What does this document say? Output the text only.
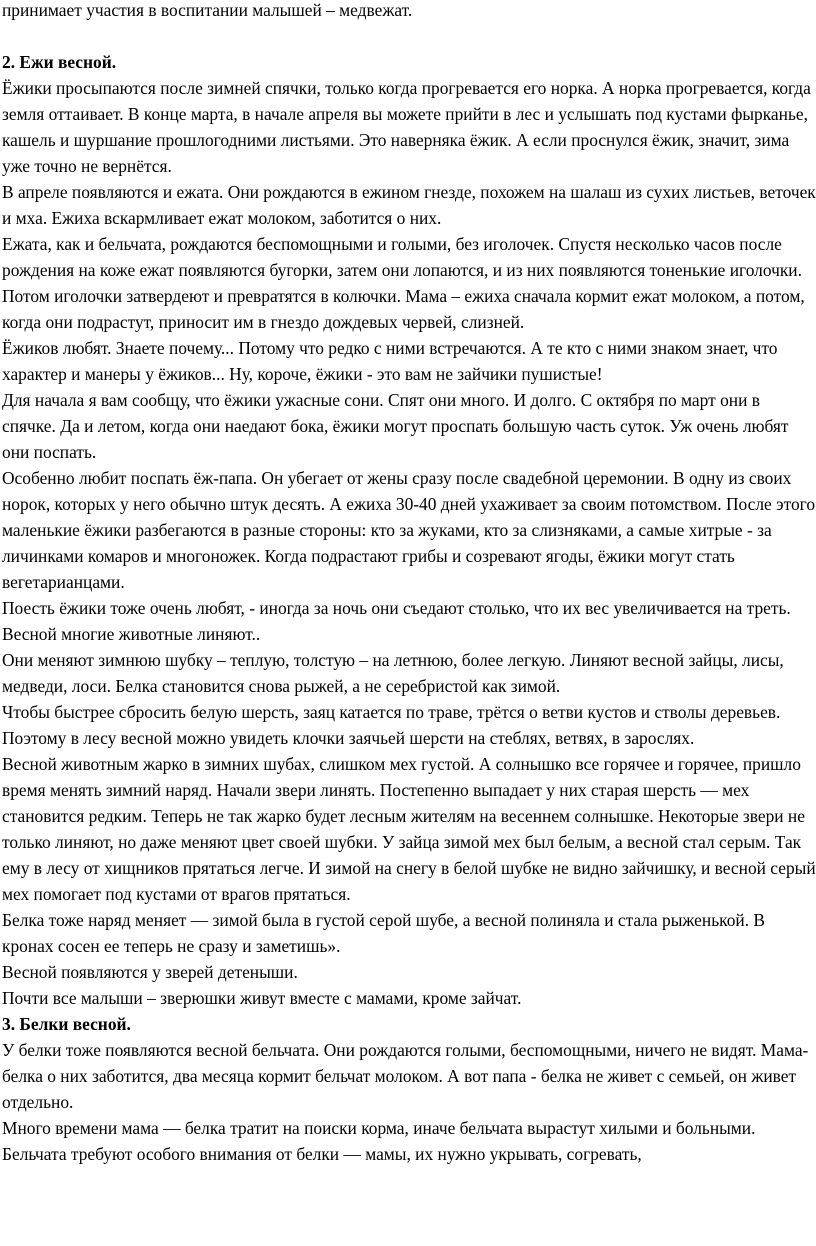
принимает участия в воспитании малышей – медвежат.

2. Ежи весной.

Ёжики просыпаются после зимней спячки, только когда прогревается его норка. А норка прогревается, когда земля оттаивает. В конце марта, в начале апреля вы можете прийти в лес и услышать под кустами фырканье, кашель и шуршание прошлогодними листьями. Это наверняка ёжик. А если проснулся ёжик, значит, зима уже точно не вернётся.

В апреле появляются и ежата. Они рождаются в ежином гнезде, похожем на шалаш из сухих листьев, веточек и мха. Ежиха вскармливает ежат молоком, заботится о них.

Ежата, как и бельчата, рождаются беспомощными и голыми, без иголочек. Спустя несколько часов после рождения на коже ежат появляются бугорки, затем они лопаются, и из них появляются тоненькие иголочки. Потом иголочки затвердеют и превратятся в колючки. Мама – ежиха сначала кормит ежат молоком, а потом, когда они подрастут, приносит им в гнездо дождевых червей, слизней.

Ёжиков любят. Знаете почему... Потому что редко с ними встречаются. А те кто с ними знаком знает, что характер и манеры у ёжиков... Ну, короче, ёжики - это вам не зайчики пушистые!

Для начала я вам сообщу, что ёжики ужасные сони. Спят они много. И долго. С октября по март они в спячке. Да и летом, когда они наедают бока, ёжики могут проспать большую часть суток. Уж очень любят они поспать.

Особенно любит поспать ёж-папа. Он убегает от жены сразу после свадебной церемонии. В одну из своих норок, которых у него обычно штук десять. А ежиха 30-40 дней ухаживает за своим потомством. После этого маленькие ёжики разбегаются в разные стороны: кто за жуками, кто за слизняками, а самые хитрые - за личинками комаров и многоножек. Когда подрастают грибы и созревают ягоды, ёжики могут стать вегетарианцами.

Поесть ёжики тоже очень любят, - иногда за ночь они съедают столько, что их вес увеличивается на треть.

Весной многие животные линяют..

Они меняют зимнюю шубку – теплую, толстую – на летнюю, более легкую. Линяют весной зайцы, лисы, медведи, лоси. Белка становится снова рыжей, а не серебристой как зимой.

Чтобы быстрее сбросить белую шерсть, заяц катается по траве, трётся о ветви кустов и стволы деревьев. Поэтому в лесу весной можно увидеть клочки заячьей шерсти на стеблях, ветвях, в зарослях.

Весной животным жарко в зимних шубах, слишком мех густой. А солнышко все горячее и горячее, пришло время менять зимний наряд. Начали звери линять. Постепенно выпадает у них старая шерсть — мех становится редким. Теперь не так жарко будет лесным жителям на весеннем солнышке. Некоторые звери не только линяют, но даже меняют цвет своей шубки. У зайца зимой мех был белым, а весной стал серым. Так ему в лесу от хищников прятаться легче. И зимой на снегу в белой шубке не видно зайчишку, и весной серый мех помогает под кустами от врагов прятаться.

Белка тоже наряд меняет — зимой была в густой серой шубе, а весной полиняла и стала рыженькой. В кронах сосен ее теперь не сразу и заметишь».

Весной появляются у зверей детеныши.

Почти все малыши – зверюшки живут вместе с мамами, кроме зайчат.

3. Белки весной.

У белки тоже появляются весной бельчата. Они рождаются голыми, беспомощными, ничего не видят. Мама-белка о них заботится, два месяца кормит бельчат молоком. А вот папа - белка не живет с семьей, он живет отдельно.

Много времени мама — белка тратит на поиски корма, иначе бельчата вырастут хилыми и больными. Бельчата требуют особого внимания от белки — мамы, их нужно укрывать, согревать,
